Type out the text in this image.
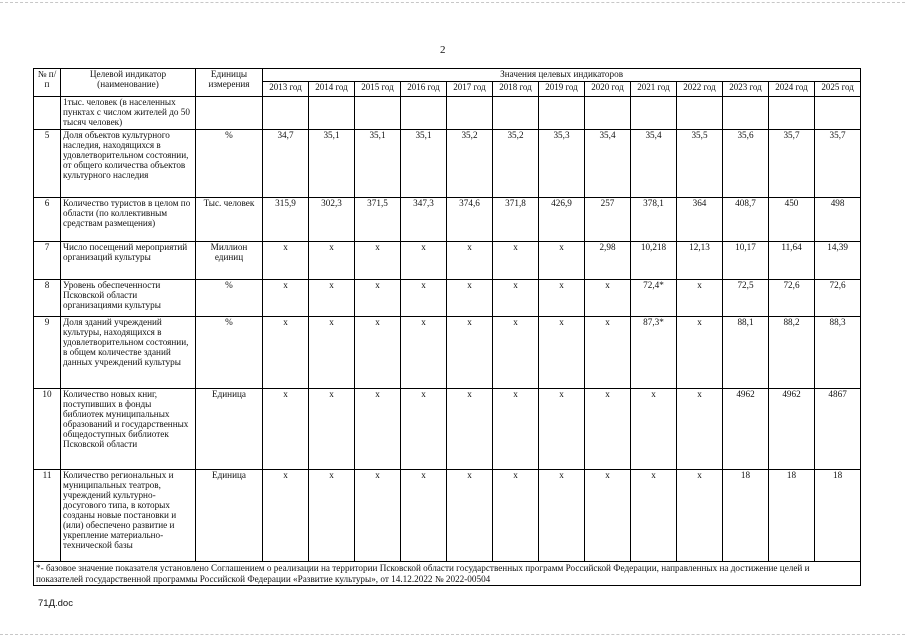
2
№ п/п	Целевой индикатор (наименование)	Единицы измерения	Значения целевых индикаторов												
			2013 год	2014 год	2015 год	2016 год	2017 год	2018 год	2019 год	2020 год	2021 год	2022 год	2023 год	2024 год	2025 год
	1тыс. человек (в населенных пунктах с числом жителей до 50 тысяч человек)														
5	Доля объектов культурного наследия, находящихся в удовлетворительном состоянии, от общего количества объектов культурного наследия	%	34,7	35,1	35,1	35,1	35,2	35,2	35,3	35,4	35,4	35,5	35,6	35,7	35,7
6	Количество туристов в целом по области (по коллективным средствам размещения)	Тыс. человек	315,9	302,3	371,5	347,3	374,6	371,8	426,9	257	378,1	364	408,7	450	498
7	Число посещений мероприятий организаций культуры	Миллион единиц	х	х	х	х	х	х	х	2,98	10,218	12,13	10,17	11,64	14,39
8	Уровень обеспеченности Псковской области организациями культуры	%	х	х	х	х	х	х	х	х	72,4*	х	72,5	72,6	72,6
9	Доля зданий учреждений культуры, находящихся в удовлетворительном состоянии, в общем количестве зданий данных учреждений культуры	%	х	х	х	х	х	х	х	х	87,3*	х	88,1	88,2	88,3
10	Количество новых книг, поступивших в фонды библиотек муниципальных образований и государственных общедоступных библиотек Псковской области	Единица	х	х	х	х	х	х	х	х	х	х	4962	4962	4867
11	Количество региональных и муниципальных театров, учреждений культурно-досугового типа, в которых созданы новые постановки и (или) обеспечено развитие и укрепление материально-технической базы	Единица	х	х	х	х	х	х	х	х	х	х	18	18	18
*- базовое значение показателя установлено Соглашением о реализации на территории Псковской области государственных программ Российской Федерации, направленных на достижение целей и показателей государственной программы Российской Федерации «Развитие культуры», от 14.12.2022 № 2022-00504															
71Д.doc
